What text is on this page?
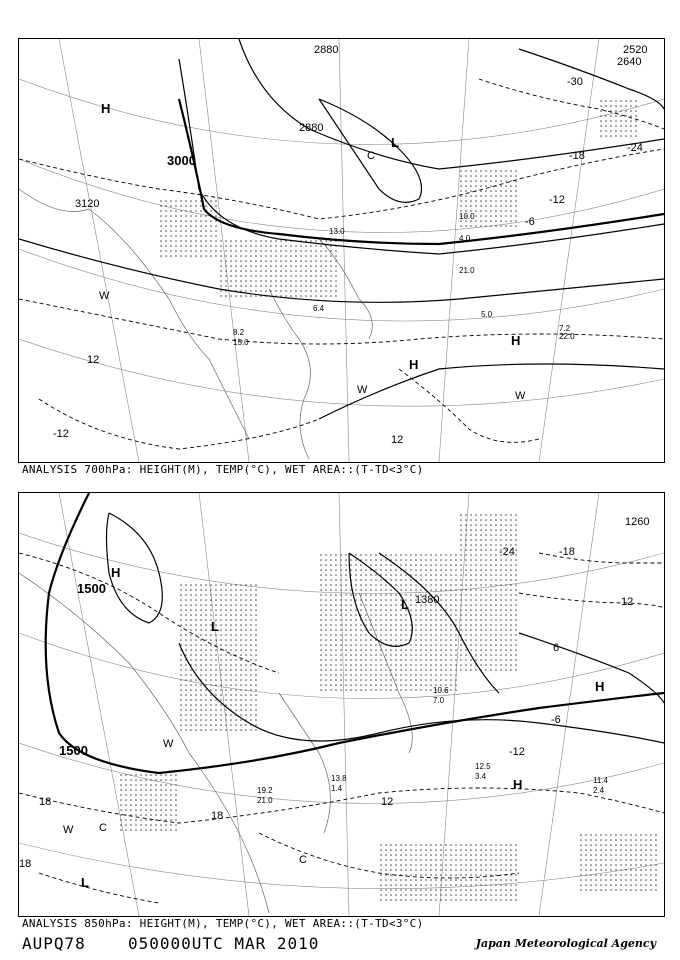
3000
2880
2880
3120
2520
2640
-30
-24
-18
-12
-6
12
12
-12
H
H
H
L
W
W	W
C
5.0
4.0
13.0
21.0
10.0
7.2
22.0
6.4
8.2
15.0
ANALYSIS 700hPa: HEIGHT(M), TEMP(°C), WET AREA::(T-TD<3°C)
1500
1500
1380
1260
12
6
-6
-12
12
18
18
18
-18
-24
H
H
H
L
L
L
W
W C
C
10.6
7.0
12.5
3.4
13.8
1.4
19.2
21.0
11.4
2.4
ANALYSIS 850hPa: HEIGHT(M), TEMP(°C), WET AREA::(T-TD<3°C)
AUPQ78	050000UTC MAR 2010	Japan Meteorological Agency
